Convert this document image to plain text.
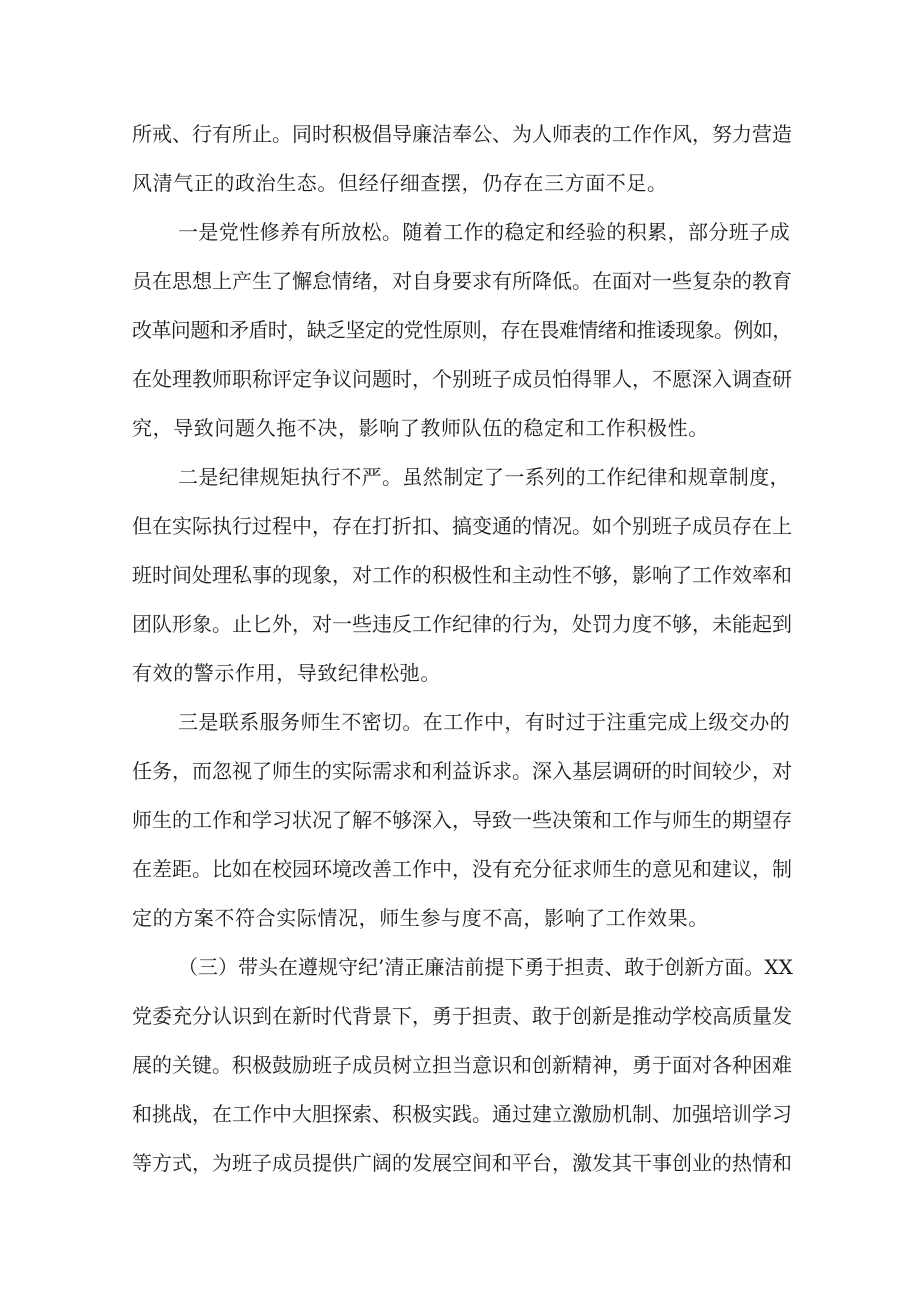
所戒、行有所止。同时积极倡导廉洁奉公、为人师表的工作作风，努力营造
风清气正的政治生态。但经仔细查摆，仍存在三方面不足。
一是党性修养有所放松。随着工作的稳定和经验的积累，部分班子成
员在思想上产生了懈怠情绪，对自身要求有所降低。在面对一些复杂的教育
改革问题和矛盾时，缺乏坚定的党性原则，存在畏难情绪和推诿现象。例如，
在处理教师职称评定争议问题时，个别班子成员怕得罪人，不愿深入调查研
究，导致问题久拖不决，影响了教师队伍的稳定和工作积极性。
二是纪律规矩执行不严。虽然制定了一系列的工作纪律和规章制度，
但在实际执行过程中，存在打折扣、搞变通的情况。如个别班子成员存在上
班时间处理私事的现象，对工作的积极性和主动性不够，影响了工作效率和
团队形象。止匕外，对一些违反工作纪律的行为，处罚力度不够，未能起到
有效的警示作用，导致纪律松弛。
三是联系服务师生不密切。在工作中，有时过于注重完成上级交办的
任务，而忽视了师生的实际需求和利益诉求。深入基层调研的时间较少，对
师生的工作和学习状况了解不够深入，导致一些决策和工作与师生的期望存
在差距。比如在校园环境改善工作中，没有充分征求师生的意见和建议，制
定的方案不符合实际情况，师生参与度不高，影响了工作效果。
（三）带头在遵规守纪’清正廉洁前提下勇于担责、敢于创新方面。XX
党委充分认识到在新时代背景下，勇于担责、敢于创新是推动学校高质量发
展的关键。积极鼓励班子成员树立担当意识和创新精神，勇于面对各种困难
和挑战，在工作中大胆探索、积极实践。通过建立激励机制、加强培训学习
等方式，为班子成员提供广阔的发展空间和平台，激发其干事创业的热情和
